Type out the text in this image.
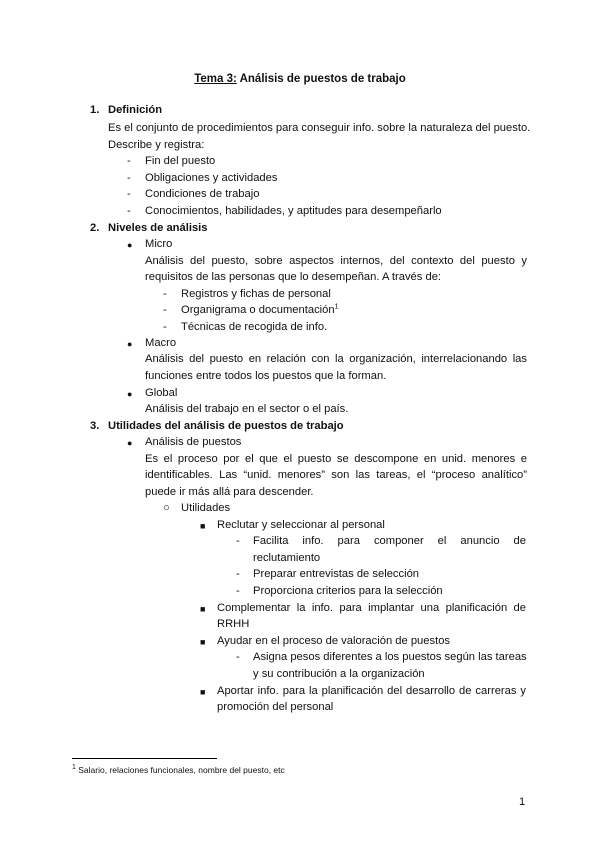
Tema 3: Análisis de puestos de trabajo
1. Definición
Es el conjunto de procedimientos para conseguir info. sobre la naturaleza del puesto.
Describe y registra:
- Fin del puesto
- Obligaciones y actividades
- Condiciones de trabajo
- Conocimientos, habilidades, y aptitudes para desempeñarlo
2. Niveles de análisis
● Micro
Análisis del puesto, sobre aspectos internos, del contexto del puesto y
requisitos de las personas que lo desempeñan. A través de:
- Registros y fichas de personal
- Organigrama o documentación$^1$
- Técnicas de recogida de info.
● Macro
Análisis del puesto en relación con la organización, interrelacionando las
funciones entre todos los puestos que la forman.
● Global
Análisis del trabajo en el sector o el país.
3. Utilidades del análisis de puestos de trabajo
● Análisis de puestos
Es el proceso por el que el puesto se descompone en unid. menores e
identificables. Las “unid. menores” son las tareas, el “proceso analítico”
puede ir más allá para descender.
○ Utilidades
■ Reclutar y seleccionar al personal
- Facilita info. para componer el anuncio de
reclutamiento
- Preparar entrevistas de selección
- Proporciona criterios para la selección
■ Complementar la info. para implantar una planificación de
RRHH
■ Ayudar en el proceso de valoración de puestos
- Asigna pesos diferentes a los puestos según las tareas
y su contribución a la organización
■ Aportar info. para la planificación del desarrollo de carreras y
promoción del personal
$^1$ Salario, relaciones funcionales, nombre del puesto, etc
1
